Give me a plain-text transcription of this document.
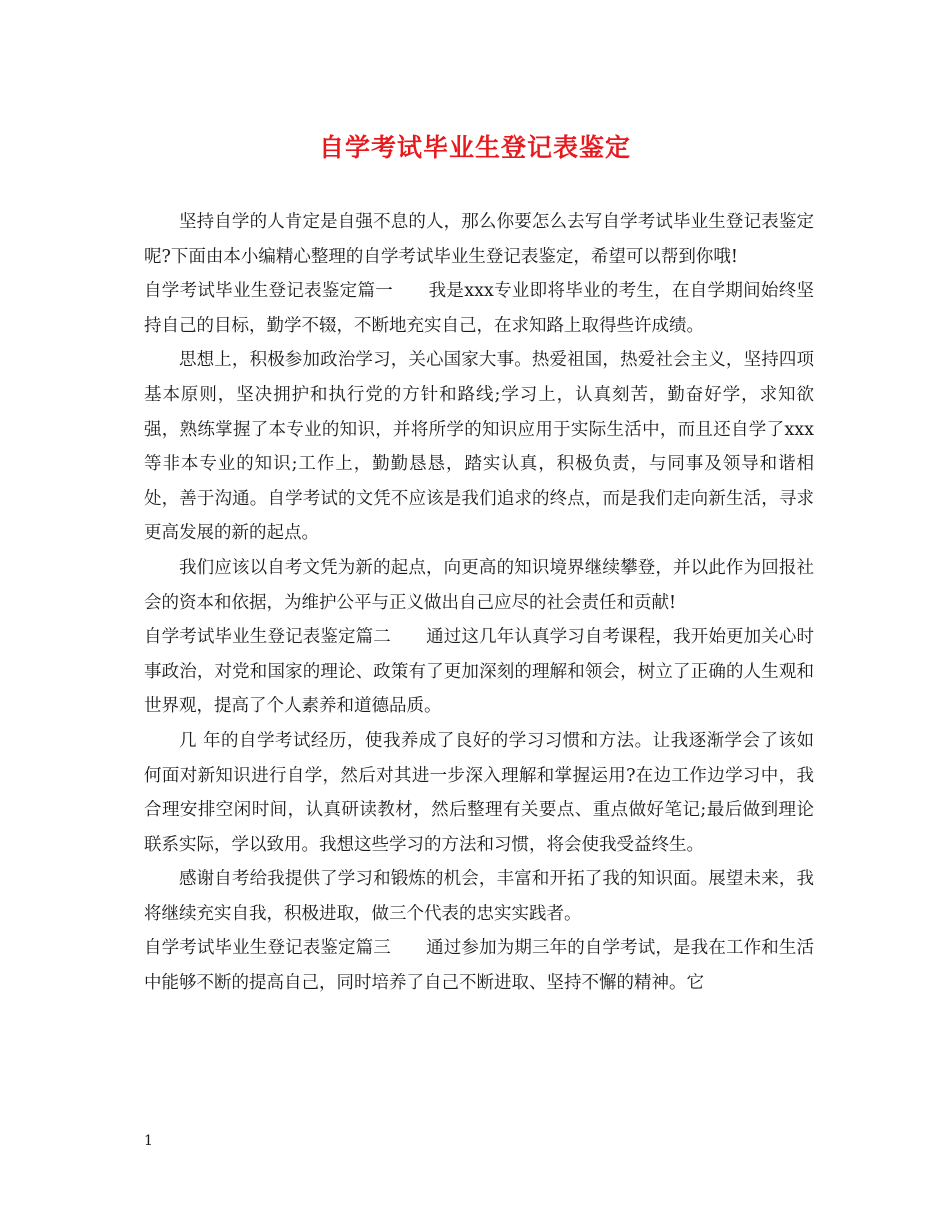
自学考试毕业生登记表鉴定

坚持自学的人肯定是自强不息的人，那么你要怎么去写自学考试毕业生登记表鉴定呢?下面由本小编精心整理的自学考试毕业生登记表鉴定，希望可以帮到你哦!

自学考试毕业生登记表鉴定篇一　　我是xxx专业即将毕业的考生，在自学期间始终坚持自己的目标，勤学不辍，不断地充实自己，在求知路上取得些许成绩。

思想上，积极参加政治学习，关心国家大事。热爱祖国，热爱社会主义，坚持四项基本原则，坚决拥护和执行党的方针和路线;学习上，认真刻苦，勤奋好学，求知欲强，熟练掌握了本专业的知识，并将所学的知识应用于实际生活中，而且还自学了xxx等非本专业的知识;工作上，勤勤恳恳，踏实认真，积极负责，与同事及领导和谐相处，善于沟通。自学考试的文凭不应该是我们追求的终点，而是我们走向新生活，寻求更高发展的新的起点。

我们应该以自考文凭为新的起点，向更高的知识境界继续攀登，并以此作为回报社会的资本和依据，为维护公平与正义做出自己应尽的社会责任和贡献!

自学考试毕业生登记表鉴定篇二　　通过这几年认真学习自考课程，我开始更加关心时事政治，对党和国家的理论、政策有了更加深刻的理解和领会，树立了正确的人生观和世界观，提高了个人素养和道德品质。

几 年的自学考试经历，使我养成了良好的学习习惯和方法。让我逐渐学会了该如何面对新知识进行自学，然后对其进一步深入理解和掌握运用?在边工作边学习中，我 合理安排空闲时间，认真研读教材，然后整理有关要点、重点做好笔记;最后做到理论联系实际，学以致用。我想这些学习的方法和习惯，将会使我受益终生。

感谢自考给我提供了学习和锻炼的机会，丰富和开拓了我的知识面。展望未来，我将继续充实自我，积极进取，做三个代表的忠实实践者。

自学考试毕业生登记表鉴定篇三　　通过参加为期三年的自学考试，是我在工作和生活中能够不断的提高自己，同时培养了自己不断进取、坚持不懈的精神。它

1
